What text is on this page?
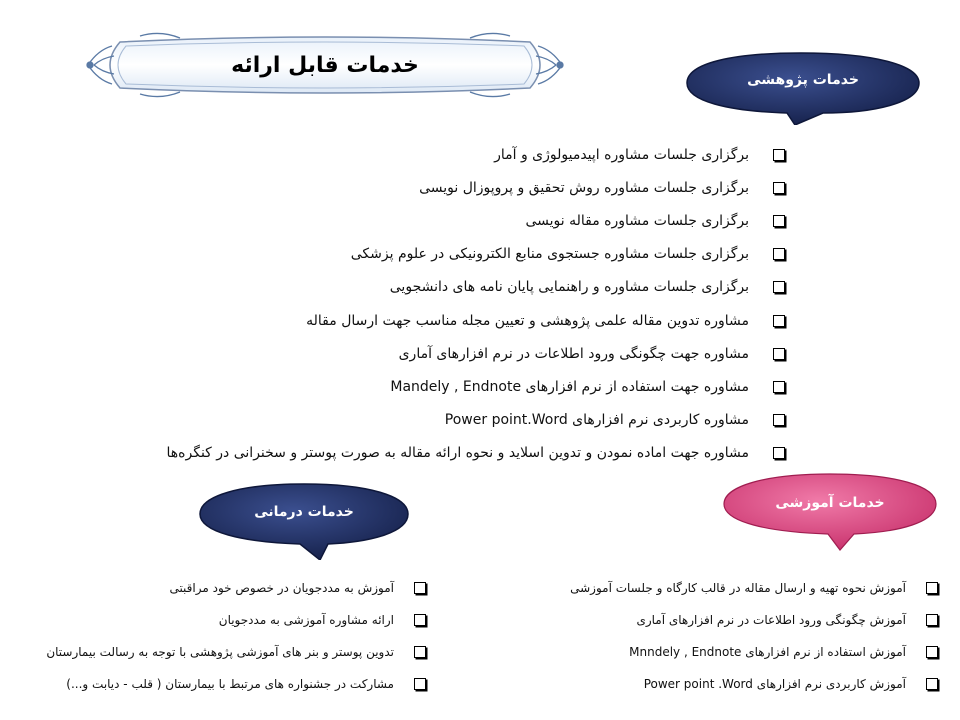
خدمات قابل ارائه
خدمات پژوهشی
برگزاری جلسات مشاوره اپیدمیولوژی و آمار
برگزاری جلسات مشاوره روش تحقیق و پروپوزال نویسی
برگزاری جلسات مشاوره مقاله نویسی
برگزاری جلسات مشاوره جستجوی منابع الکترونیکی در علوم پزشکی
برگزاری جلسات مشاوره و راهنمایی پایان نامه های دانشجویی
مشاوره تدوین مقاله علمی پژوهشی و تعیین مجله مناسب جهت ارسال مقاله
مشاوره جهت چگونگی ورود اطلاعات در نرم افزارهای آماری
مشاوره جهت استفاده از نرم افزارهای Mandely , Endnote
مشاوره کاربردی نرم افزارهای Power point.Word
مشاوره جهت اماده نمودن و تدوین اسلاید و نحوه ارائه مقاله به صورت پوستر و سخنرانی در کنگره‌ها
خدمات درمانی
خدمات آموزشی
آموزش نحوه تهیه و ارسال مقاله در قالب کارگاه و جلسات آموزشی
آموزش چگونگی ورود اطلاعات در نرم افزارهای آماری
آموزش استفاده از نرم افزارهای Mnndely , Endnote
آموزش کاربردی نرم افزارهای Power point .Word
آموزش به مددجویان در خصوص خود مراقبتی
ارائه مشاوره آموزشی به مددجویان
تدوین پوستر و بنر های آموزشی پژوهشی با توجه به رسالت بیمارستان
مشارکت در جشنواره های مرتبط با بیمارستان ( قلب - دیابت و...)
